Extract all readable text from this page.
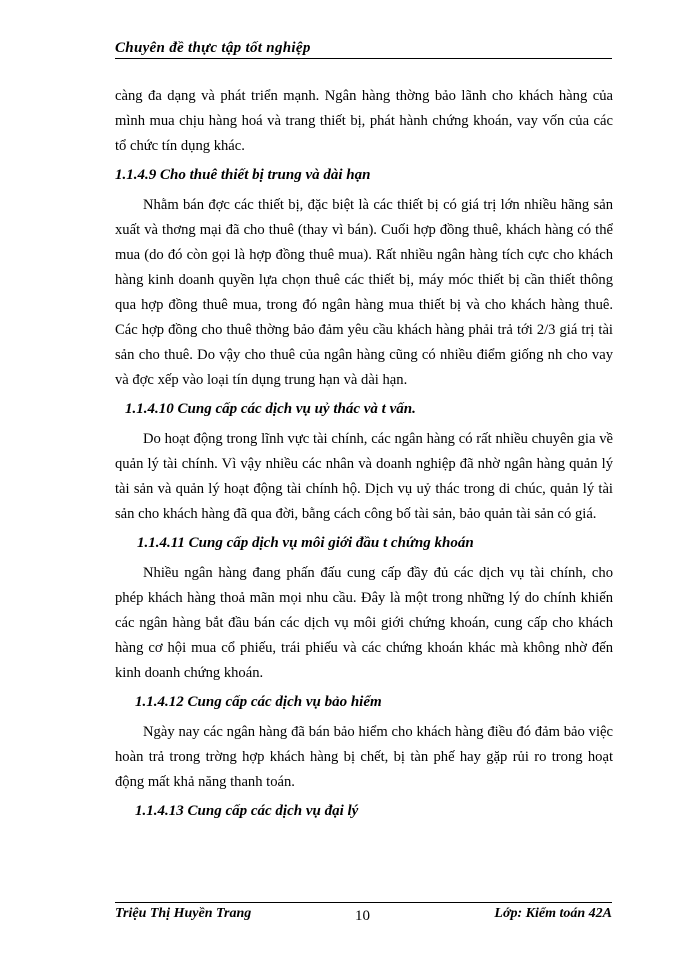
Chuyên đề thực tập tốt nghiệp

càng đa dạng và phát triển mạnh. Ngân hàng thờng bảo lãnh cho khách hàng của mình mua chịu hàng hoá và trang thiết bị, phát hành chứng khoán, vay vốn của các tổ chức tín dụng khác.

1.1.4.9 Cho thuê thiết bị trung và dài hạn

Nhằm bán đợc các thiết bị, đặc biệt là các thiết bị có giá trị lớn nhiều hãng sản xuất và thơng mại đã cho thuê (thay vì bán). Cuối hợp đồng thuê, khách hàng có thể mua (do đó còn gọi là hợp đồng thuê mua). Rất nhiều ngân hàng tích cực cho khách hàng kinh doanh quyền lựa chọn thuê các thiết bị, máy móc thiết bị cần thiết thông qua hợp đồng thuê mua, trong đó ngân hàng mua thiết bị và cho khách hàng thuê. Các hợp đồng cho thuê thờng bảo đảm yêu cầu khách hàng phải trả tới 2/3 giá trị tài sản cho thuê. Do vậy cho thuê của ngân hàng cũng có nhiều điểm giống nh cho vay và đợc xếp vào loại tín dụng trung hạn và dài hạn.

1.1.4.10 Cung cấp các dịch vụ uỷ thác và t vấn.

Do hoạt động trong lĩnh vực tài chính, các ngân hàng có rất nhiều chuyên gia về quản lý tài chính. Vì vậy nhiều các nhân và doanh nghiệp đã nhờ ngân hàng quản lý tài sản và quản lý hoạt động tài chính hộ. Dịch vụ uỷ thác trong di chúc, quản lý tài sản cho khách hàng đã qua đời, bằng cách công bố tài sản, bảo quản tài sản có giá.

1.1.4.11 Cung cấp dịch vụ môi giới đầu t chứng khoán

Nhiều ngân hàng đang phấn đấu cung cấp đầy đủ các dịch vụ tài chính, cho phép khách hàng thoả mãn mọi nhu cầu. Đây là một trong những lý do chính khiến các ngân hàng bắt đầu bán các dịch vụ môi giới chứng khoán, cung cấp cho khách hàng cơ hội mua cổ phiếu, trái phiếu và các chứng khoán khác mà không nhờ đến kinh doanh chứng khoán.

1.1.4.12 Cung cấp các dịch vụ bảo hiểm

Ngày nay các ngân hàng đã bán bảo hiểm cho khách hàng điều đó đảm bảo việc hoàn trả trong trờng hợp khách hàng bị chết, bị tàn phế hay gặp rủi ro trong hoạt động mất khả năng thanh toán.

1.1.4.13 Cung cấp các dịch vụ đại lý
Triệu Thị Huyền Trang	10	Lớp: Kiểm toán 42A
